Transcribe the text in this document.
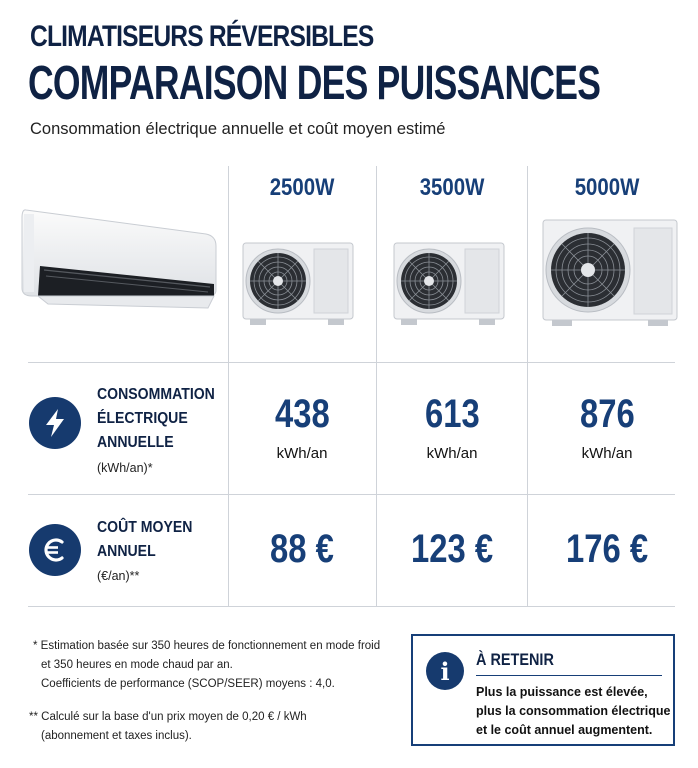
CLIMATISEURS RÉVERSIBLES
COMPARAISON DES PUISSANCES
Consommation électrique annuelle et coût moyen estimé
2500W	3500W	5000W
CONSOMMATION
ÉLECTRIQUE
ANNUELLE
(kWh/an)*
438	613	876
kWh/an	kWh/an	kWh/an
COÛT MOYEN
ANNUEL
(€/an)**
88 €	123 €	176 €
* Estimation basée sur 350 heures de fonctionnement en mode froid
et 350 heures en mode chaud par an.
Coefficients de performance (SCOP/SEER) moyens : 4,0.
** Calculé sur la base d'un prix moyen de 0,20 € / kWh
(abonnement et taxes inclus).
i	À RETENIR
Plus la puissance est élevée,
plus la consommation électrique
et le coût annuel augmentent.
